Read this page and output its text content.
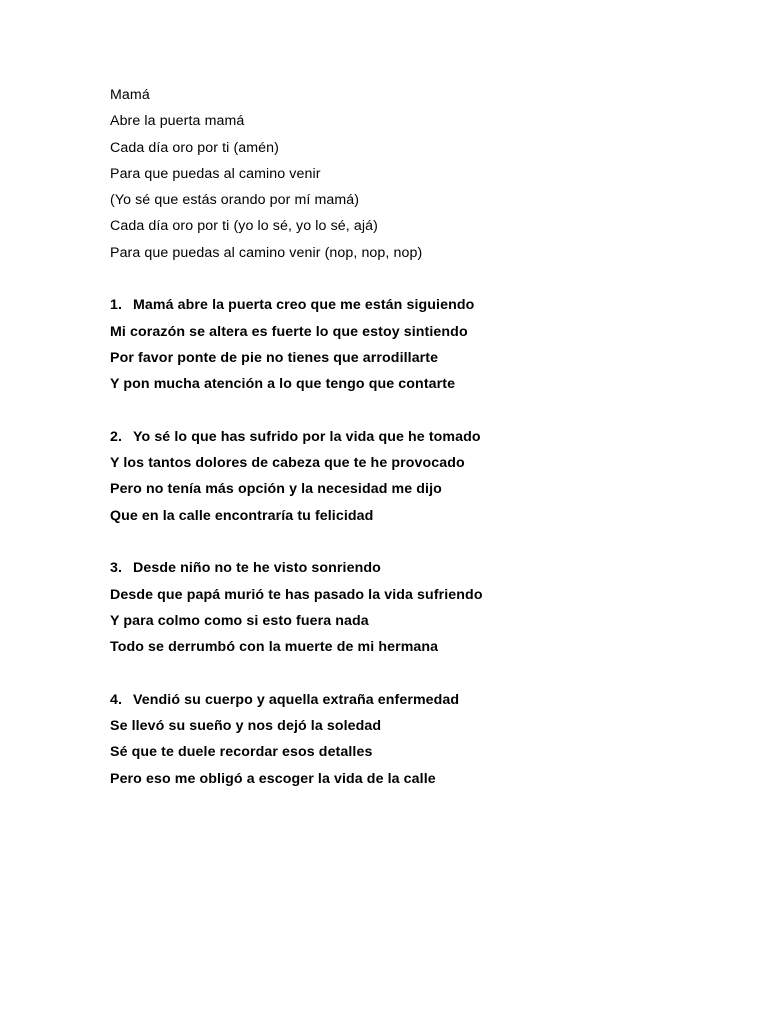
Mamá
Abre la puerta mamá
Cada día oro por ti (amén)
Para que puedas al camino venir
(Yo sé que estás orando por mí mamá)
Cada día oro por ti (yo lo sé, yo lo sé, ajá)
Para que puedas al camino venir (nop, nop, nop)
1. Mamá abre la puerta creo que me están siguiendo
Mi corazón se altera es fuerte lo que estoy sintiendo
Por favor ponte de pie no tienes que arrodillarte
Y pon mucha atención a lo que tengo que contarte
2. Yo sé lo que has sufrido por la vida que he tomado
Y los tantos dolores de cabeza que te he provocado
Pero no tenía más opción y la necesidad me dijo
Que en la calle encontraría tu felicidad
3. Desde niño no te he visto sonriendo
Desde que papá murió te has pasado la vida sufriendo
Y para colmo como si esto fuera nada
Todo se derrumbó con la muerte de mi hermana
4. Vendió su cuerpo y aquella extraña enfermedad
Se llevó su sueño y nos dejó la soledad
Sé que te duele recordar esos detalles
Pero eso me obligó a escoger la vida de la calle
